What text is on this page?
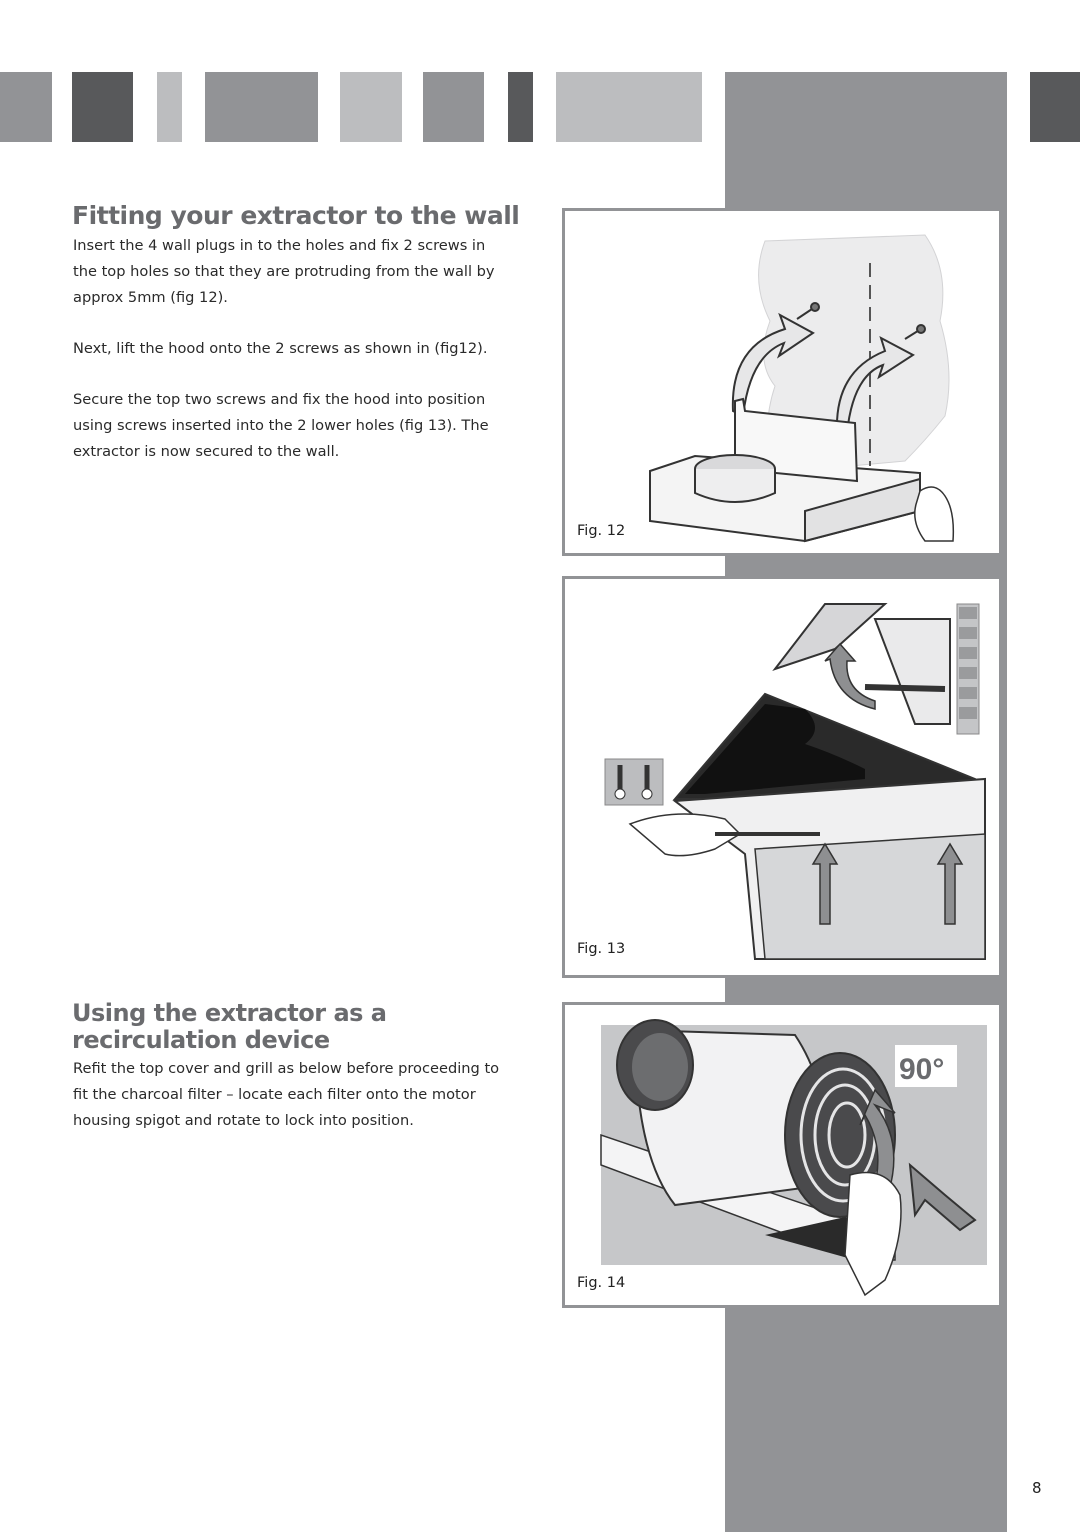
Fitting your extractor to the wall

Insert the 4 wall plugs in to the holes and fix 2 screws in the top holes so that they are protruding from the wall by approx 5mm (fig 12).

Next, lift the hood onto the 2 screws as shown in (fig12).

Secure the top two screws and fix the hood into position using screws inserted into the 2 lower holes (fig 13). The extractor is now secured to the wall.

Using the extractor as a recirculation device

Refit the top cover and grill as below before proceeding to fit the charcoal filter – locate each filter onto the motor housing spigot and rotate to lock into position.

Fig. 12
Fig. 13
90°
Fig. 14
8
